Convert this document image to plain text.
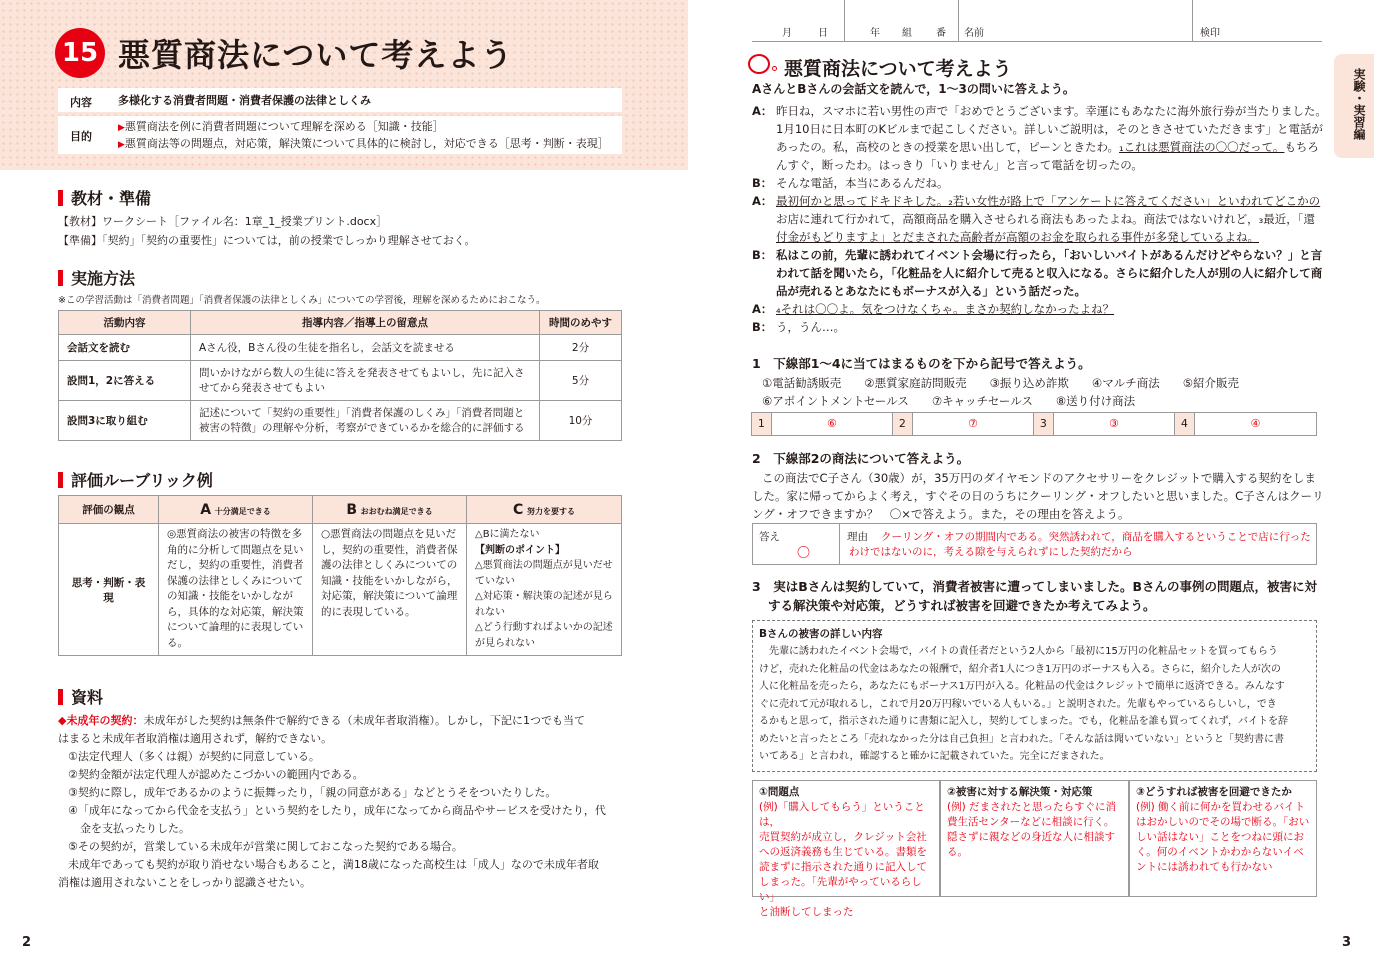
15 悪質商法について考えよう
内容 多様化する消費者問題・消費者保護の法律としくみ
目的
▶悪質商法を例に消費者問題について理解を深める［知識・技能］
▶悪質商法等の問題点，対応策，解決策について具体的に検討し，対応できる［思考・判断・表現］
教材・準備
【教材】ワークシート［ファイル名：1章_1_授業プリント.docx］
【準備】「契約」「契約の重要性」については，前の授業でしっかり理解させておく。
実施方法
※この学習活動は「消費者問題」「消費者保護の法律としくみ」についての学習後，理解を深めるためにおこなう。
活動内容	指導内容／指導上の留意点	時間のめやす
会話文を読む	Aさん役，Bさん役の生徒を指名し，会話文を読ませる	2分
設問1，2に答える	問いかけながら数人の生徒に答えを発表させてもよいし，先に記入させてから発表させてもよい	5分
設問3に取り組む	記述について「契約の重要性」「消費者保護のしくみ」「消費者問題と被害の特徴」の理解や分析，考察ができているかを総合的に評価する	10分
評価ルーブリック例
評価の観点	A 十分満足できる	B おおむね満足できる	C 努力を要する
思考・判断・表現	◎悪質商法の被害の特徴を多角的に分析して問題点を見いだし，契約の重要性，消費者保護の法律としくみについての知識・技能をいかしながら，具体的な対応策，解決策について論理的に表現している。	○悪質商法の問題点を見いだし，契約の重要性，消費者保護の法律としくみについての知識・技能をいかしながら，対応策，解決策について論理的に表現している。	△Bに満たない
【判断のポイント】
△悪質商法の問題点が見いだせていない
△対応策・解決策の記述が見られない
△どう行動すればよいかの記述が見られない
資料
◆未成年の契約：未成年がした契約は無条件で解約できる（未成年者取消権）。しかし，下記に1つでも当て
はまると未成年者取消権は適用されず，解約できない。
①法定代理人（多くは親）が契約に同意している。
②契約金額が法定代理人が認めたこづかいの範囲内である。
③契約に際し，成年であるかのように振舞ったり，「親の同意がある」などとうそをついたりした。
④「成年になってから代金を支払う」という契約をしたり，成年になってから商品やサービスを受けたり，代
金を支払ったりした。
⑤その契約が，営業している未成年が営業に関しておこなった契約である場合。
未成年であっても契約が取り消せない場合もあること，満18歳になった高校生は「成人」なので未成年者取
消権は適用されないことをしっかり認識させたい。
2
月	日	年 組 番 名前	検印
実験・実習編
悪質商法について考えよう
AさんとBさんの会話文を読んで，1～3の問いに答えよう。
A： 昨日ね，スマホに若い男性の声で「おめでとうございます。幸運にもあなたに海外旅行券が当たりました。
1月10日に日本町のKビルまで起こしください。詳しいご説明は，そのときさせていただきます」と電話が
あったの。私，高校のときの授業を思い出して，ピーンときたわ。₁これは悪質商法の〇〇だって。もちろ
んすぐ，断ったわ。はっきり「いりません」と言って電話を切ったの。
B： そんな電話，本当にあるんだね。
A： 最初何かと思ってドキドキした。₂若い女性が路上で「アンケートに答えてください」といわれてどこかの
お店に連れて行かれて，高額商品を購入させられる商法もあったよね。商法ではないけれど，₃最近，「還
付金がもどりますよ」とだまされた高齢者が高額のお金を取られる事件が多発しているよね。
B： 私はこの前，先輩に誘われてイベント会場に行ったら，「おいしいバイトがあるんだけどやらない？」と言
われて話を聞いたら，「化粧品を人に紹介して売ると収入になる。さらに紹介した人が別の人に紹介して商
品が売れるとあなたにもボーナスが入る」という話だった。
A： ₄それは〇〇よ。気をつけなくちゃ。まさか契約しなかったよね？
B： う，うん…。
1　下線部1～4に当てはまるものを下から記号で答えよう。
①電話勧誘販売　　②悪質家庭訪問販売　　③振り込め詐欺　　④マルチ商法　　⑤紹介販売
⑥アポイントメントセールス　　⑦キャッチセールス　　⑧送り付け商法
1	⑥	2	⑦	3	③	4	④
2　下線部2の商法について答えよう。
この商法でC子さん（30歳）が，35万円のダイヤモンドのアクセサリーをクレジットで購入する契約をしま
した。家に帰ってからよく考え，すぐその日のうちにクーリング・オフしたいと思いました。C子さんはクーリ
ング・オフできますか？　〇×で答えよう。また，その理由を答えよう。
答え
〇
理由 クーリング・オフの期間内である。突然誘われて，商品を購入するということで店に行った
わけではないのに，考える隙を与えられずにした契約だから
3　実はBさんは契約していて，消費者被害に遭ってしまいました。Bさんの事例の問題点，被害に対
する解決策や対応策，どうすれば被害を回避できたか考えてみよう。
Bさんの被害の詳しい内容
先輩に誘われたイベント会場で，バイトの責任者だという2人から「最初に15万円の化粧品セットを買ってもらう
けど，売れた化粧品の代金はあなたの報酬で，紹介者1人につき1万円のボーナスも入る。さらに，紹介した人が次の
人に化粧品を売ったら，あなたにもボーナス1万円が入る。化粧品の代金はクレジットで簡単に返済できる。みんなす
ぐに売れて元が取れるし，これで月20万円稼いでいる人もいる。」と説明された。先輩もやっているらしいし，でき
るかもと思って，指示された通りに書類に記入し，契約してしまった。でも，化粧品を誰も買ってくれず，バイトを辞
めたいと言ったところ「売れなかった分は自己負担」と言われた。「そんな話は聞いていない」というと「契約書に書
いてある」と言われ，確認すると確かに記載されていた。完全にだまされた。
①問題点
(例)「購入してもらう」ということは，
売買契約が成立し，クレジット会社
への返済義務も生じている。書類を
読まずに指示された通りに記入して
しまった。「先輩がやっているらしい」
と油断してしまった
②被害に対する解決策・対応策
(例) だまされたと思ったらすぐに消
費生活センターなどに相談に行く。
隠さずに親などの身近な人に相談す
る。
③どうすれば被害を回避できたか
(例) 働く前に何かを買わせるバイト
はおかしいのでその場で断る。「おい
しい話はない」ことをつねに頭にお
く。何のイベントかわからないイベ
ントには誘われても行かない
3
